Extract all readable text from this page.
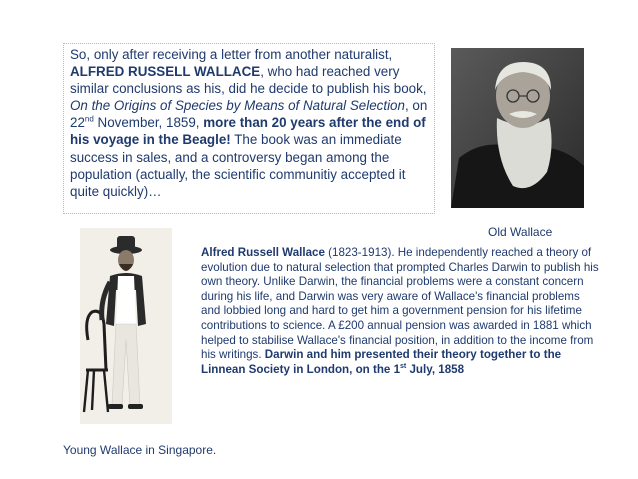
So, only after receiving a letter from another naturalist, ALFRED RUSSELL WALLACE, who had reached very similar conclusions as his, did he decide to publish his book, On the Origins of Species by Means of Natural Selection, on 22nd November, 1859, more than 20 years after the end of his voyage in the Beagle! The book was an immediate success in sales, and a controversy began among the population (actually, the scientific communitiy accepted it quite quickly)…
Old Wallace
Young Wallace in Singapore.
Alfred Russell Wallace (1823-1913). He independently reached a theory of evolution due to natural selection that prompted Charles Darwin to publish his own theory. Unlike Darwin, the financial problems were a constant concern during his life, and Darwin was very aware of Wallace's financial problems and lobbied long and hard to get him a government pension for his lifetime contributions to science. A £200 annual pension was awarded in 1881 which helped to stabilise Wallace's financial position, in addition to the income from his writings. Darwin and him presented their theory together to the Linnean Society in London, on the 1st July, 1858
